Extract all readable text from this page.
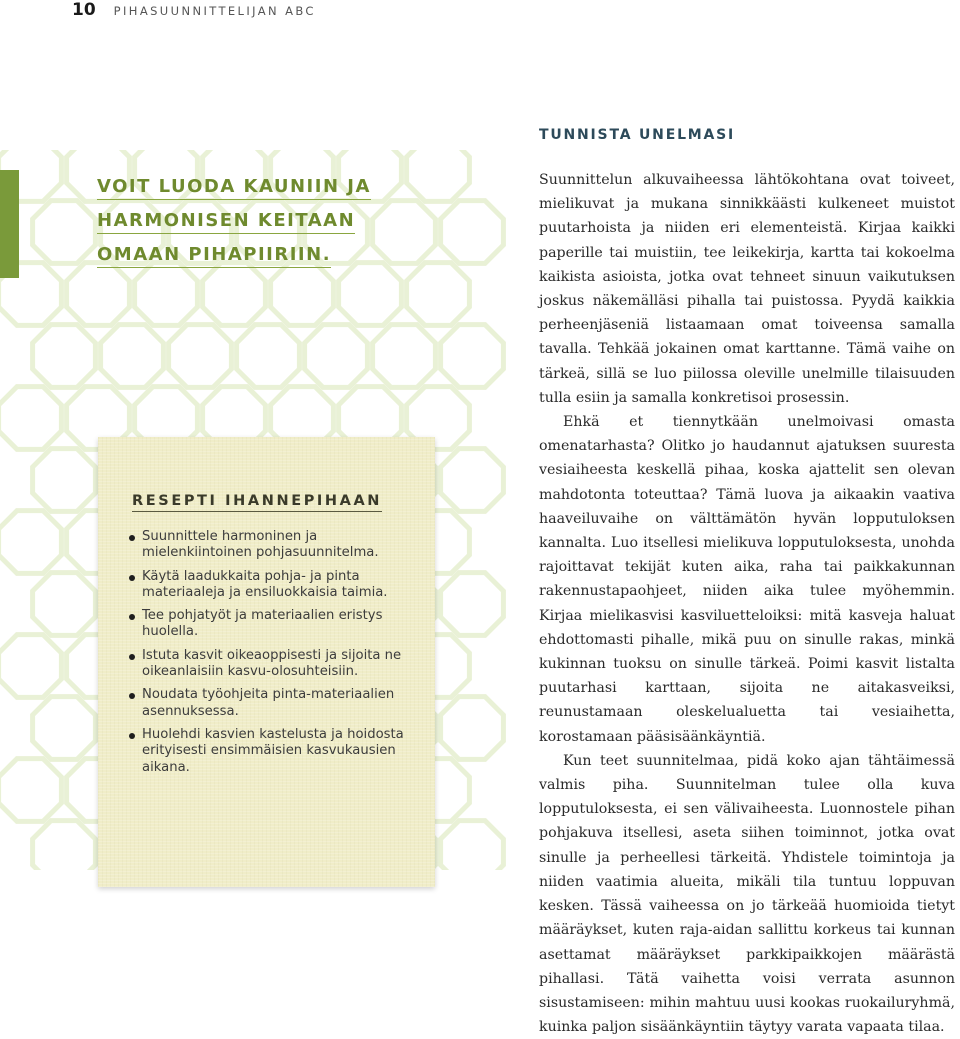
10 PIHASUUNNITTELIJAN ABC
VOIT LUODA KAUNIIN JA
HARMONISEN KEITAAN
OMAAN PIHAPIIRIIN.
RESEPTI IHANNEPIHAAN
Suunnittele harmoninen ja mielenkiintoinen pohjasuunnitelma.
Käytä laadukkaita pohja- ja pinta materiaaleja ja ensiluokkaisia taimia.
Tee pohjatyöt ja materiaalien eristys huolella.
Istuta kasvit oikeaoppisesti ja sijoita ne oikeanlaisiin kasvu-olosuhteisiin.
Noudata työohjeita pinta-materiaalien asennuksessa.
Huolehdi kasvien kastelusta ja hoidosta erityisesti ensimmäisien kasvukausien aikana.
TUNNISTA UNELMASI

Suunnittelun alkuvaiheessa lähtökohtana ovat toiveet, mielikuvat ja mukana sinnikkäästi kulkeneet muistot puutarhoista ja niiden eri elementeistä. Kirjaa kaikki paperille tai muistiin, tee leikekirja, kartta tai kokoelma kaikista asioista, jotka ovat tehneet sinuun vaikutuksen joskus näkemälläsi pihalla tai puistossa. Pyydä kaikkia perheenjäseniä listaamaan omat toiveensa samalla tavalla. Tehkää jokainen omat karttanne. Tämä vaihe on tärkeä, sillä se luo piilossa oleville unelmille tilaisuuden tulla esiin ja samalla konkretisoi prosessin.

Ehkä et tiennytkään unelmoivasi omasta omenatarhasta? Olitko jo haudannut ajatuksen suuresta vesiaiheesta keskellä pihaa, koska ajattelit sen olevan mahdotonta toteuttaa? Tämä luova ja aikaakin vaativa haaveiluvaihe on välttämätön hyvän lopputuloksen kannalta. Luo itsellesi mielikuva lopputuloksesta, unohda rajoittavat tekijät kuten aika, raha tai paikkakunnan rakennustapaohjeet, niiden aika tulee myöhemmin. Kirjaa mielikasvisi kasviluetteloiksi: mitä kasveja haluat ehdottomasti pihalle, mikä puu on sinulle rakas, minkä kukinnan tuoksu on sinulle tärkeä. Poimi kasvit listalta puutarhasi karttaan, sijoita ne aitakasveiksi, reunustamaan oleskelualuetta tai vesiaihetta, korostamaan pääsisäänkäyntiä.

Kun teet suunnitelmaa, pidä koko ajan tähtäimessä valmis piha. Suunnitelman tulee olla kuva lopputuloksesta, ei sen välivaiheesta. Luonnostele pihan pohjakuva itsellesi, aseta siihen toiminnot, jotka ovat sinulle ja perheellesi tärkeitä. Yhdistele toimintoja ja niiden vaatimia alueita, mikäli tila tuntuu loppuvan kesken. Tässä vaiheessa on jo tärkeää huomioida tietyt määräykset, kuten raja-aidan sallittu korkeus tai kunnan asettamat määräykset parkkipaikkojen määrästä pihallasi. Tätä vaihetta voisi verrata asunnon sisustamiseen: mihin mahtuu uusi kookas ruokailuryhmä, kuinka paljon sisäänkäyntiin täytyy varata vapaata tilaa.
